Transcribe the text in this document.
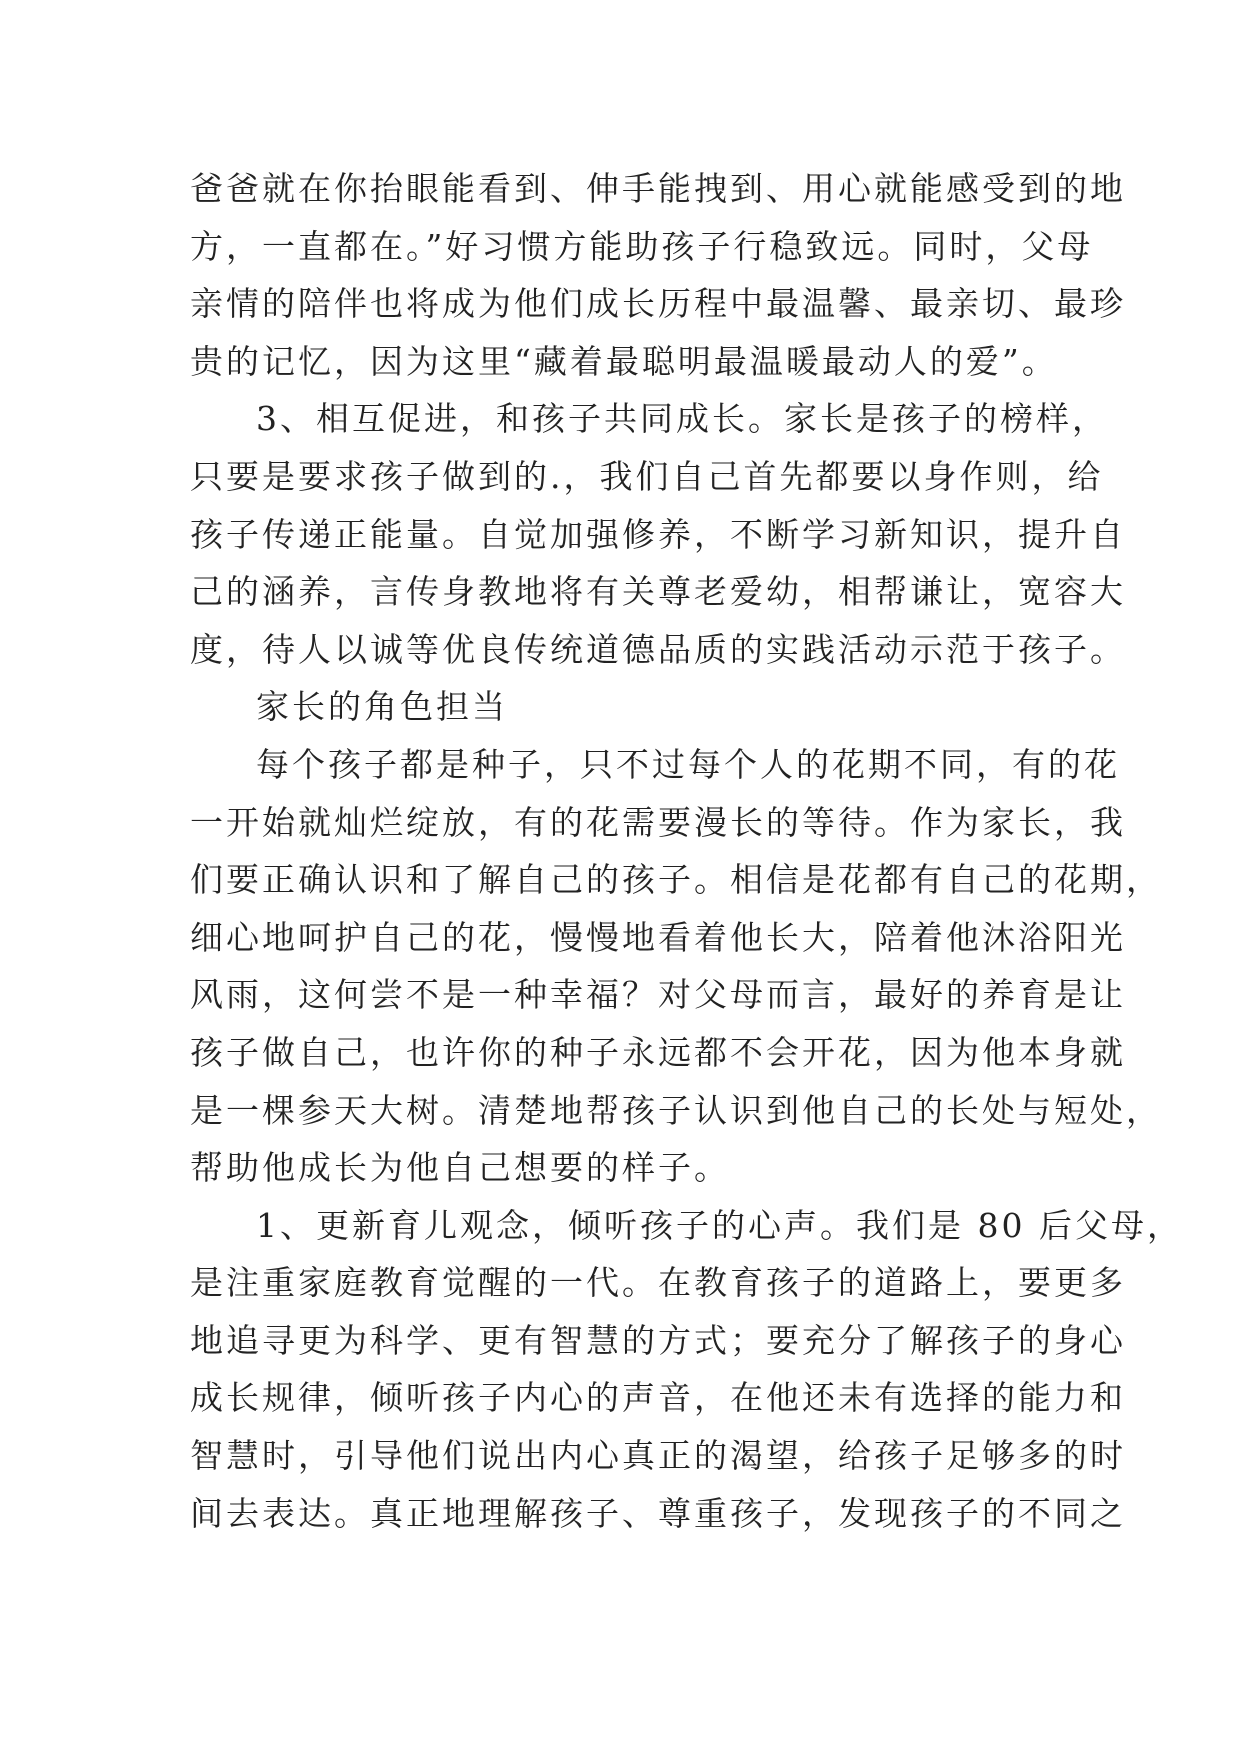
爸爸就在你抬眼能看到、伸手能拽到、用心就能感受到的地
方，一直都在。”好习惯方能助孩子行稳致远。同时，父母
亲情的陪伴也将成为他们成长历程中最温馨、最亲切、最珍
贵的记忆，因为这里“藏着最聪明最温暖最动人的爱”。
3、相互促进，和孩子共同成长。家长是孩子的榜样，
只要是要求孩子做到的.，我们自己首先都要以身作则，给
孩子传递正能量。自觉加强修养，不断学习新知识，提升自
己的涵养，言传身教地将有关尊老爱幼，相帮谦让，宽容大
度，待人以诚等优良传统道德品质的实践活动示范于孩子。
家长的角色担当
每个孩子都是种子，只不过每个人的花期不同，有的花
一开始就灿烂绽放，有的花需要漫长的等待。作为家长，我
们要正确认识和了解自己的孩子。相信是花都有自己的花期，
细心地呵护自己的花，慢慢地看着他长大，陪着他沐浴阳光
风雨，这何尝不是一种幸福？对父母而言，最好的养育是让
孩子做自己，也许你的种子永远都不会开花，因为他本身就
是一棵参天大树。清楚地帮孩子认识到他自己的长处与短处，
帮助他成长为他自己想要的样子。
1、更新育儿观念，倾听孩子的心声。我们是 80 后父母，
是注重家庭教育觉醒的一代。在教育孩子的道路上，要更多
地追寻更为科学、更有智慧的方式；要充分了解孩子的身心
成长规律，倾听孩子内心的声音，在他还未有选择的能力和
智慧时，引导他们说出内心真正的渴望，给孩子足够多的时
间去表达。真正地理解孩子、尊重孩子，发现孩子的不同之
